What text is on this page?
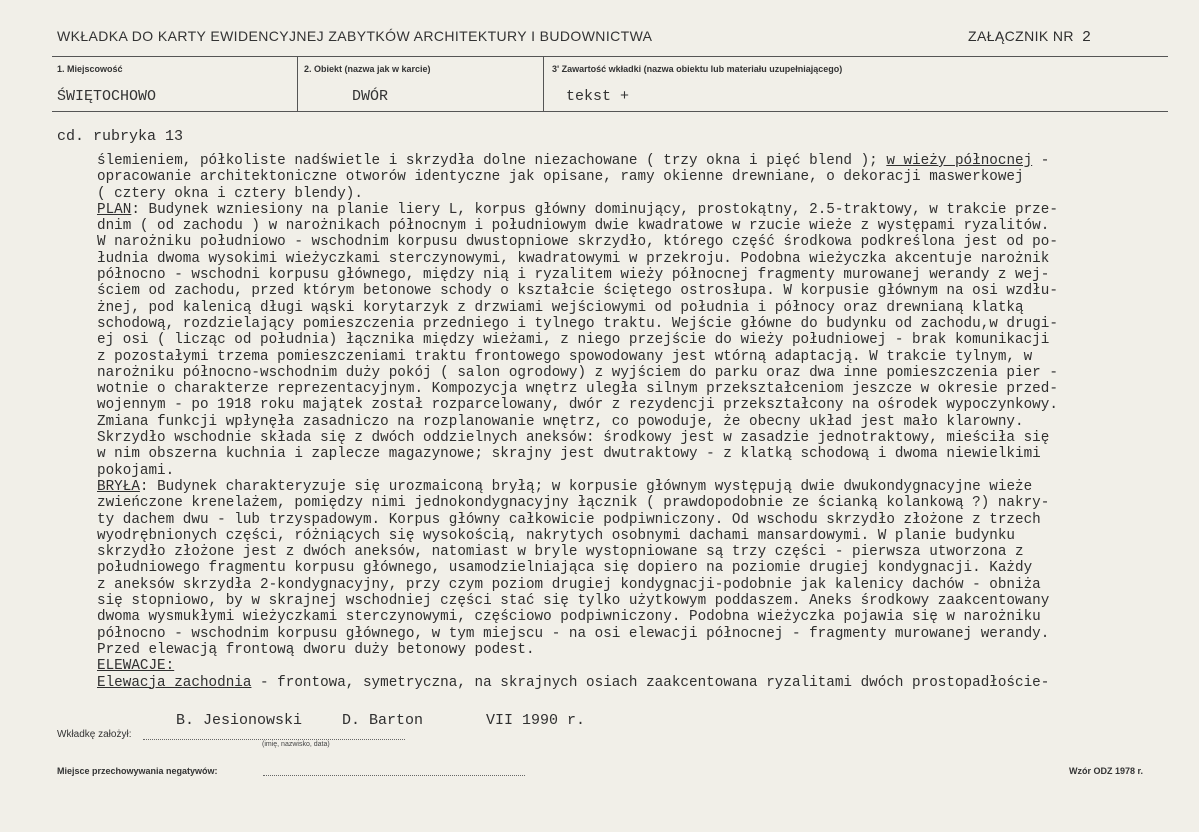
WKŁADKA DO KARTY EWIDENCYJNEJ ZABYTKÓW ARCHITEKTURY I BUDOWNICTWA	ZAŁĄCZNIK NR 2
1. Miejscowość
ŚWIĘTOCHOWO
2. Obiekt (nazwa jak w karcie)
DWÓR
3' Zawartość wkładki (nazwa obiektu lub materiału uzupełniającego)
tekst +
cd. rubryka 13
ślemieniem, półkoliste nadświetle i skrzydła dolne niezachowane ( trzy okna i pięć blend ); w wieży północnej -
opracowanie architektoniczne otworów identyczne jak opisane, ramy okienne drewniane, o dekoracji maswerkowej
( cztery okna i cztery blendy).
PLAN: Budynek wzniesiony na planie liery L, korpus główny dominujący, prostokątny, 2.5-traktowy, w trakcie prze-
dnim ( od zachodu ) w narożnikach północnym i południowym dwie kwadratowe w rzucie wieże z występami ryzalitów.
W narożniku południowo - wschodnim korpusu dwustopniowe skrzydło, którego część środkowa podkreślona jest od po-
łudnia dwoma wysokimi wieżyczkami sterczynowymi, kwadratowymi w przekroju. Podobna wieżyczka akcentuje narożnik
północno - wschodni korpusu głównego, między nią i ryzalitem wieży północnej fragmenty murowanej werandy z wej-
ściem od zachodu, przed którym betonowe schody o kształcie ściętego ostrosłupa. W korpusie głównym na osi wzdłu-
żnej, pod kalenicą długi wąski korytarzyk z drzwiami wejściowymi od południa i północy oraz drewnianą klatką
schodową, rozdzielający pomieszczenia przedniego i tylnego traktu. Wejście główne do budynku od zachodu,w drugi-
ej osi ( licząc od południa) łącznika między wieżami, z niego przejście do wieży południowej - brak komunikacji
z pozostałymi trzema pomieszczeniami traktu frontowego spowodowany jest wtórną adaptacją. W trakcie tylnym, w
narożniku północno-wschodnim duży pokój ( salon ogrodowy) z wyjściem do parku oraz dwa inne pomieszczenia pier -
wotnie o charakterze reprezentacyjnym. Kompozycja wnętrz uległa silnym przekształceniom jeszcze w okresie przed-
wojennym - po 1918 roku majątek został rozparcelowany, dwór z rezydencji przekształcony na ośrodek wypoczynkowy.
Zmiana funkcji wpłynęła zasadniczo na rozplanowanie wnętrz, co powoduje, że obecny układ jest mało klarowny.
Skrzydło wschodnie składa się z dwóch oddzielnych aneksów: środkowy jest w zasadzie jednotraktowy, mieściła się
w nim obszerna kuchnia i zaplecze magazynowe; skrajny jest dwutraktowy - z klatką schodową i dwoma niewielkimi
pokojami.
BRYŁA: Budynek charakteryzuje się urozmaiconą bryłą; w korpusie głównym występują dwie dwukondygnacyjne wieże
zwieńczone krenelażem, pomiędzy nimi jednokondygnacyjny łącznik ( prawdopodobnie ze ścianką kolankową ?) nakry-
ty dachem dwu - lub trzyspadowym. Korpus główny całkowicie podpiwniczony. Od wschodu skrzydło złożone z trzech
wyodrębnionych części, różniących się wysokością, nakrytych osobnymi dachami mansardowymi. W planie budynku
skrzydło złożone jest z dwóch aneksów, natomiast w bryle wystopniowane są trzy części - pierwsza utworzona z
południowego fragmentu korpusu głównego, usamodzielniająca się dopiero na poziomie drugiej kondygnacji. Każdy
z aneksów skrzydła 2-kondygnacyjny, przy czym poziom drugiej kondygnacji-podobnie jak kalenicy dachów - obniża
się stopniowo, by w skrajnej wschodniej części stać się tylko użytkowym poddaszem. Aneks środkowy zaakcentowany
dwoma wysmukłymi wieżyczkami sterczynowymi, częściowo podpiwniczony. Podobna wieżyczka pojawia się w narożniku
północno - wschodnim korpusu głównego, w tym miejscu - na osi elewacji północnej - fragmenty murowanej werandy.
Przed elewacją frontową dworu duży betonowy podest.
ELEWACJE:
Elewacja zachodnia - frontowa, symetryczna, na skrajnych osiach zaakcentowana ryzalitami dwóch prostopadłoście-
Wkładkę założył:
B. Jesionowski	D. Barton	VII 1990 r.
(imię, nazwisko, data)
Miejsce przechowywania negatywów:	Wzór ODZ 1978 r.
